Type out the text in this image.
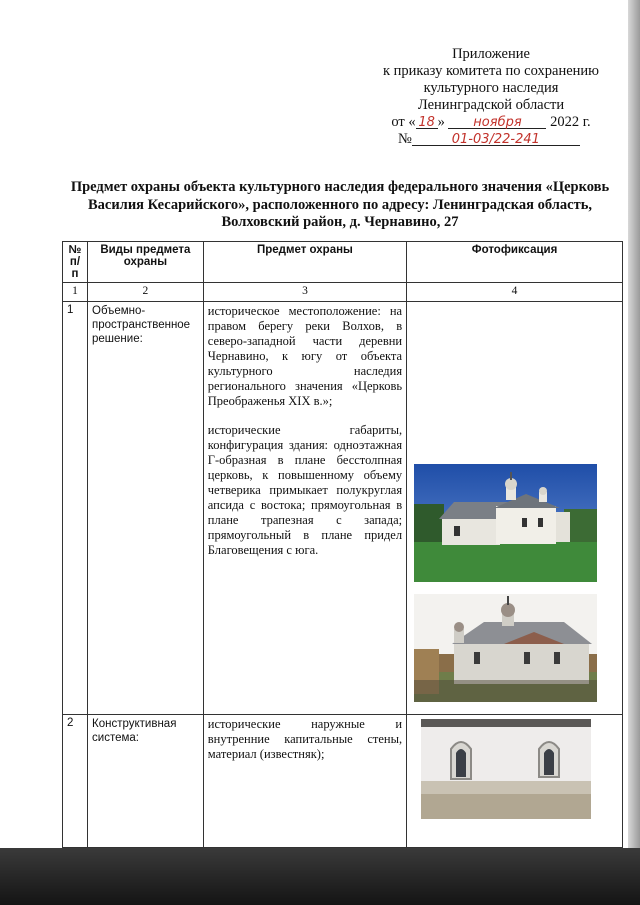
Приложение
к приказу комитета по сохранению
культурного наследия
Ленинградской области
от « 18 » ноября 2022 г.
№	01-03/22-241
Предмет охраны объекта культурного наследия федерального значения «Церковь Василия Кесарийского», расположенного по адресу: Ленинградская область, Волховский район, д. Чернавино, 27
№ п/п	Виды предмета охраны	Предмет охраны	Фотофиксация
1	2	3	4
1	Объемно-пространственное решение:	историческое местоположение: на правом берегу реки Волхов, в северо-западной части деревни Чернавино, к югу от объекта культурного наследия регионального значения «Церковь Преображенья XIX в.»;

исторические габариты, конфигурация здания: одноэтажная Г-образная в плане бесстолпная церковь, к повышенному объему четверика примыкает полукруглая апсида с востока; прямоугольная в плане трапезная с запада; прямоугольный в плане придел Благовещения с юга.

2	Конструктивная система:	исторические наружные и внутренние капитальные стены, материал (известняк);
